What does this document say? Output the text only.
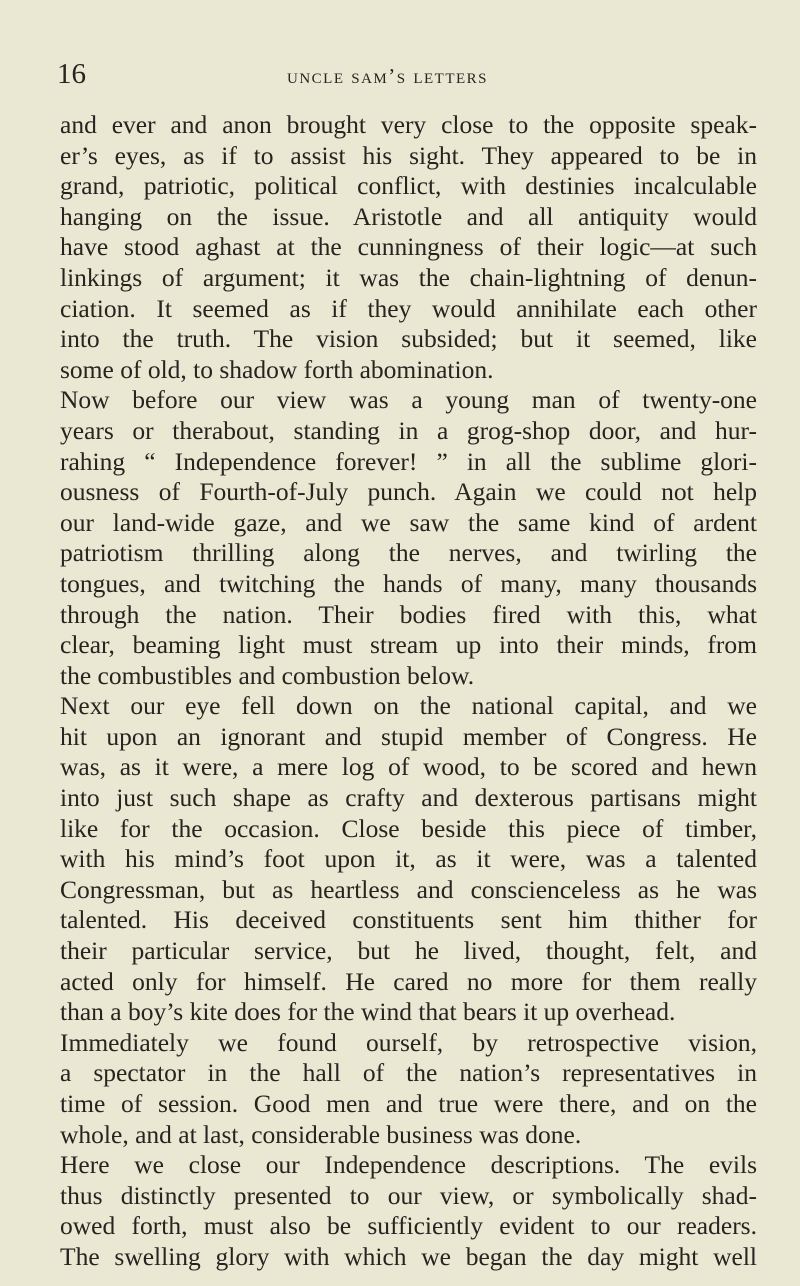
16	uncle sam’s letters
and ever and anon brought very close to the opposite speak-
er’s eyes, as if to assist his sight. They appeared to be in
grand, patriotic, political conflict, with destinies incalculable
hanging on the issue. Aristotle and all antiquity would
have stood aghast at the cunningness of their logic—at such
linkings of argument; it was the chain-lightning of denun-
ciation. It seemed as if they would annihilate each other
into the truth. The vision subsided; but it seemed, like
some of old, to shadow forth abomination.
Now before our view was a young man of twenty-one
years or therabout, standing in a grog-shop door, and hur-
rahing “ Independence forever! ” in all the sublime glori-
ousness of Fourth-of-July punch. Again we could not help
our land-wide gaze, and we saw the same kind of ardent
patriotism thrilling along the nerves, and twirling the
tongues, and twitching the hands of many, many thousands
through the nation. Their bodies fired with this, what
clear, beaming light must stream up into their minds, from
the combustibles and combustion below.
Next our eye fell down on the national capital, and we
hit upon an ignorant and stupid member of Congress. He
was, as it were, a mere log of wood, to be scored and hewn
into just such shape as crafty and dexterous partisans might
like for the occasion. Close beside this piece of timber,
with his mind’s foot upon it, as it were, was a talented
Congressman, but as heartless and conscienceless as he was
talented. His deceived constituents sent him thither for
their particular service, but he lived, thought, felt, and
acted only for himself. He cared no more for them really
than a boy’s kite does for the wind that bears it up overhead.
Immediately we found ourself, by retrospective vision,
a spectator in the hall of the nation’s representatives in
time of session. Good men and true were there, and on the
whole, and at last, considerable business was done.
Here we close our Independence descriptions. The evils
thus distinctly presented to our view, or symbolically shad-
owed forth, must also be sufficiently evident to our readers.
The swelling glory with which we began the day might well
